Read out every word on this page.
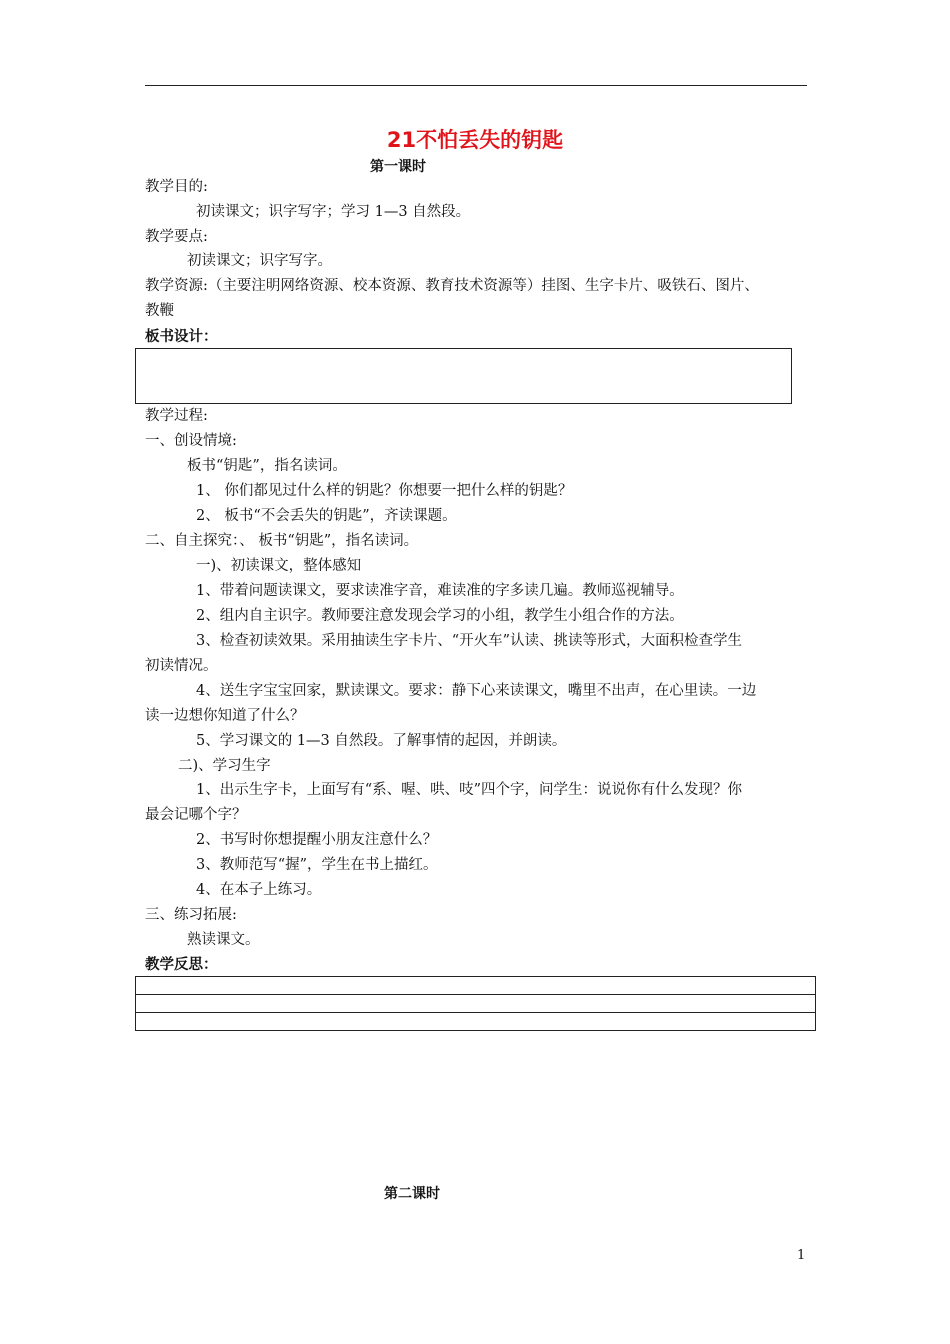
21不怕丢失的钥匙
第一课时
教学目的:
初读课文；识字写字；学习 1—3 自然段。
教学要点:
初读课文；识字写字。
教学资源:（主要注明网络资源、校本资源、教育技术资源等）挂图、生字卡片、吸铁石、图片、
教鞭
板书设计：
教学过程:
一、创设情境:
板书“钥匙”，指名读词。
1、 你们都见过什么样的钥匙？你想要一把什么样的钥匙？
2、 板书“不会丢失的钥匙”，齐读课题。
二、自主探究：、 板书“钥匙”，指名读词。
一)、初读课文，整体感知
1、带着问题读课文，要求读准字音，难读准的字多读几遍。教师巡视辅导。
2、组内自主识字。教师要注意发现会学习的小组，教学生小组合作的方法。
3、检查初读效果。采用抽读生字卡片、“开火车”认读、挑读等形式，大面积检查学生
初读情况。
4、送生字宝宝回家，默读课文。要求：静下心来读课文，嘴里不出声，在心里读。一边
读一边想你知道了什么？
5、学习课文的 1—3 自然段。了解事情的起因，并朗读。
二)、学习生字
1、出示生字卡，上面写有“系、喔、哄、吱”四个字，问学生：说说你有什么发现？你
最会记哪个字？
2、书写时你想提醒小朋友注意什么？
3、教师范写“握”，学生在书上描红。
4、在本子上练习。
三、练习拓展:
熟读课文。
教学反思：
第二课时
1
